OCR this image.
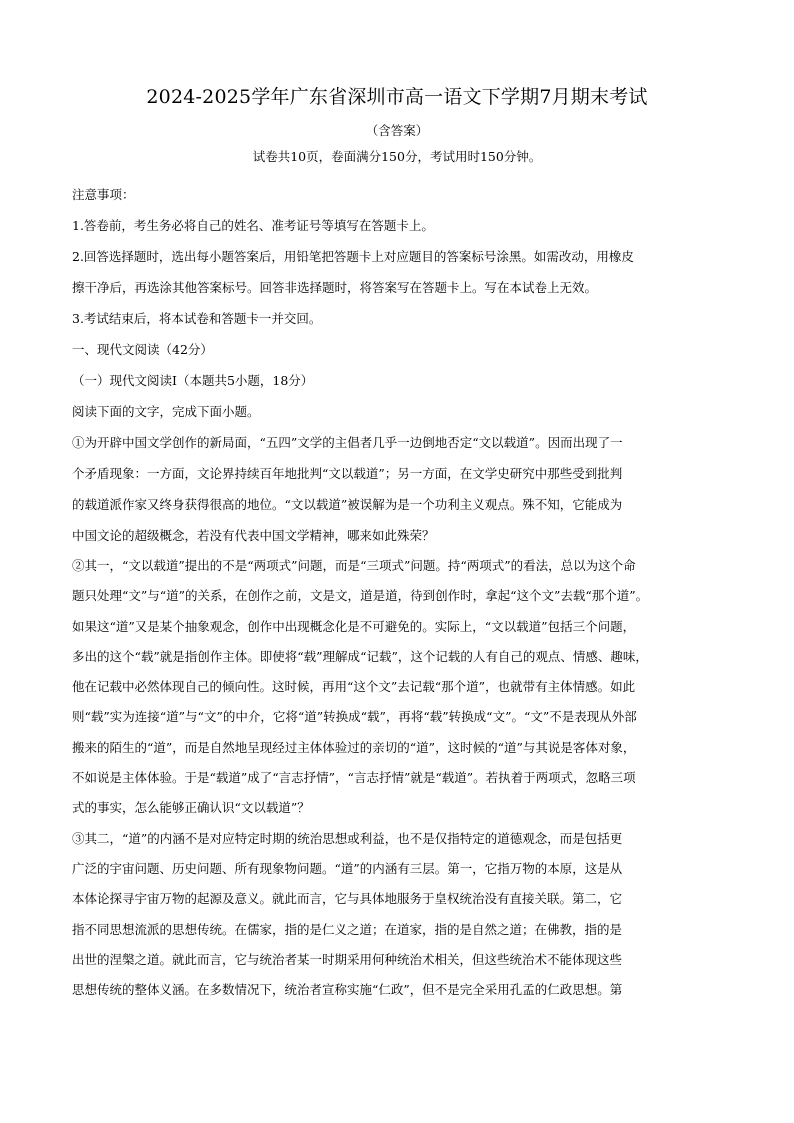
2024-2025学年广东省深圳市高一语文下学期7月期末考试
（含答案）
试卷共10页，卷面满分150分，考试用时150分钟。
注意事项：
1.答卷前，考生务必将自己的姓名、准考证号等填写在答题卡上。
2.回答选择题时，选出每小题答案后，用铅笔把答题卡上对应题目的答案标号涂黑。如需改动，用橡皮
擦干净后，再选涂其他答案标号。回答非选择题时，将答案写在答题卡上。写在本试卷上无效。
3.考试结束后，将本试卷和答题卡一并交回。
一、现代文阅读（42分）
（一）现代文阅读Ⅰ（本题共5小题，18分）
阅读下面的文字，完成下面小题。
①为开辟中国文学创作的新局面，“五四”文学的主倡者几乎一边倒地否定“文以载道”。因而出现了一
个矛盾现象：一方面，文论界持续百年地批判“文以载道”；另一方面，在文学史研究中那些受到批判
的载道派作家又终身获得很高的地位。“文以载道”被误解为是一个功利主义观点。殊不知，它能成为
中国文论的超级概念，若没有代表中国文学精神，哪来如此殊荣？
②其一，“文以载道”提出的不是“两项式”问题，而是“三项式”问题。持“两项式”的看法，总以为这个命
题只处理“文”与“道”的关系，在创作之前，文是文，道是道，待到创作时，拿起“这个文”去载“那个道”。
如果这“道”又是某个抽象观念，创作中出现概念化是不可避免的。实际上，“文以载道”包括三个问题，
多出的这个“载”就是指创作主体。即使将“载”理解成“记载”，这个记载的人有自己的观点、情感、趣味，
他在记载中必然体现自己的倾向性。这时候，再用“这个文”去记载“那个道”，也就带有主体情感。如此
则“载”实为连接“道”与“文”的中介，它将“道”转换成“载”，再将“载”转换成“文”。“文”不是表现从外部
搬来的陌生的“道”，而是自然地呈现经过主体体验过的亲切的“道”，这时候的“道”与其说是客体对象，
不如说是主体体验。于是“载道”成了“言志抒情”，“言志抒情”就是“载道”。若执着于两项式，忽略三项
式的事实，怎么能够正确认识“文以载道”？
③其二，“道”的内涵不是对应特定时期的统治思想或利益，也不是仅指特定的道德观念，而是包括更
广泛的宇宙问题、历史问题、所有现象物问题。“道”的内涵有三层。第一，它指万物的本原，这是从
本体论探寻宇宙万物的起源及意义。就此而言，它与具体地服务于皇权统治没有直接关联。第二，它
指不同思想流派的思想传统。在儒家，指的是仁义之道；在道家，指的是自然之道；在佛教，指的是
出世的涅槃之道。就此而言，它与统治者某一时期采用何种统治术相关，但这些统治术不能体现这些
思想传统的整体义涵。在多数情况下，统治者宣称实施“仁政”，但不是完全采用孔孟的仁政思想。第
